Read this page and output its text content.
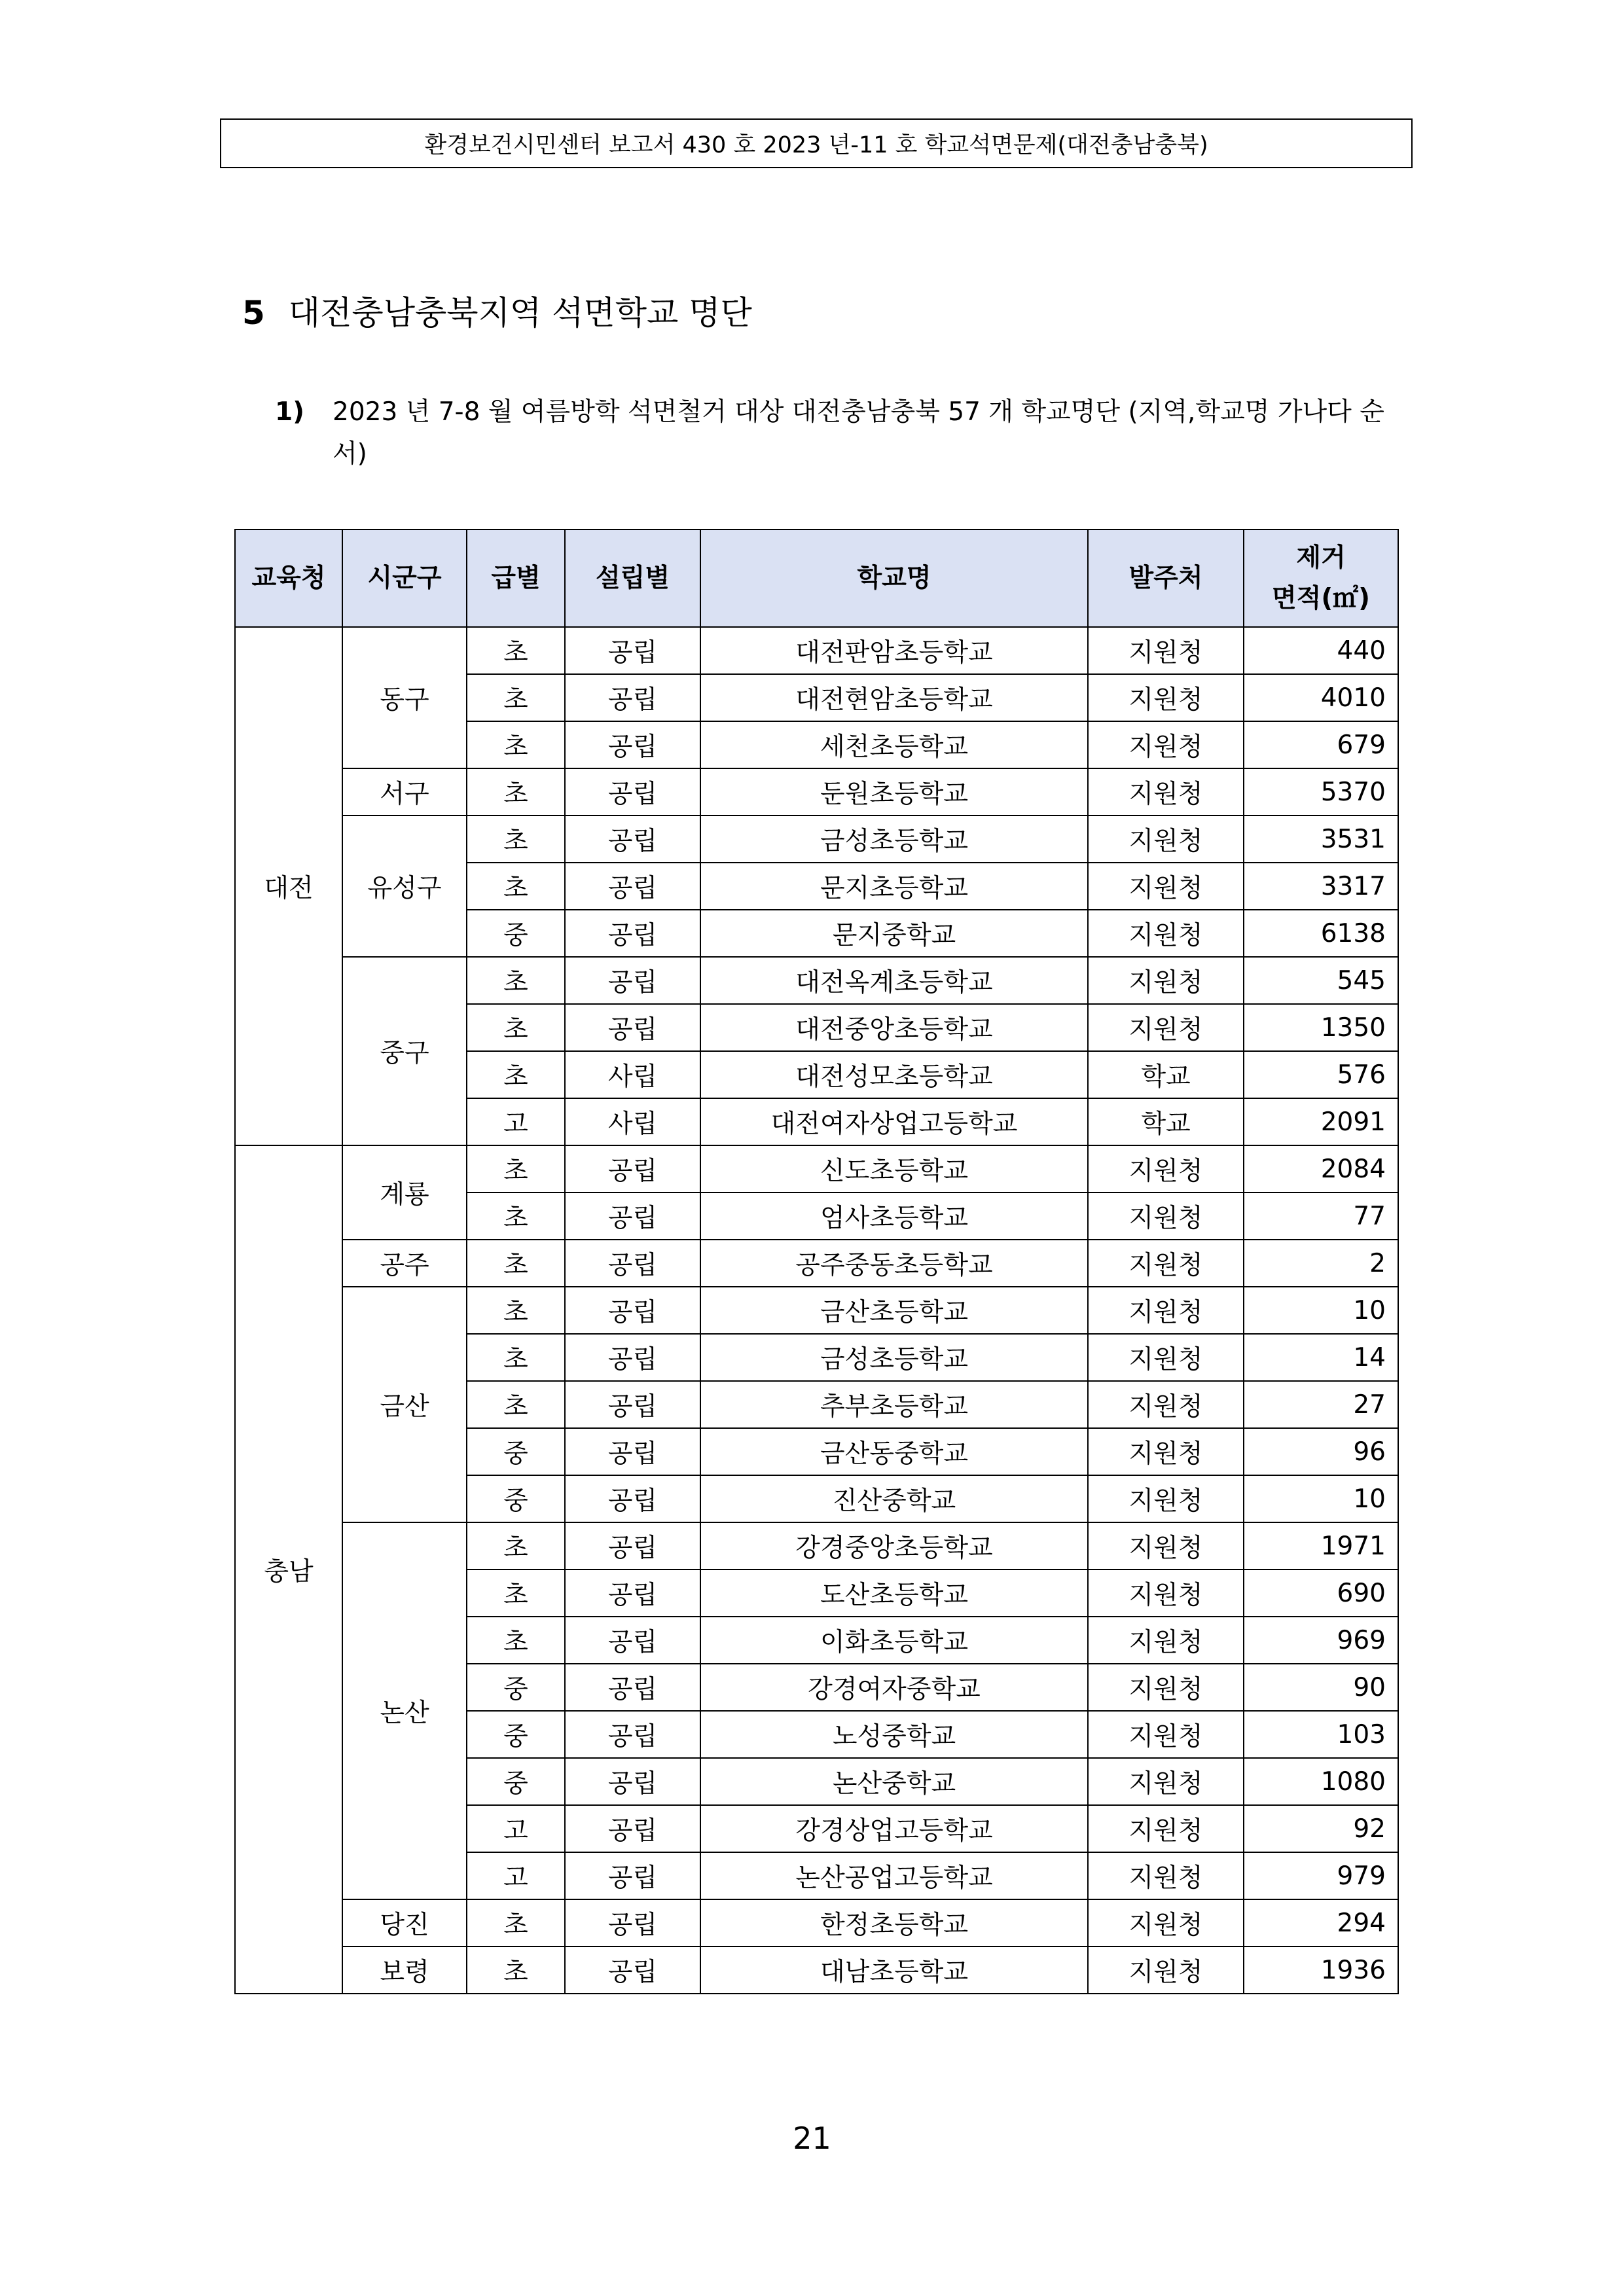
환경보건시민센터 보고서 430 호 2023 년-11 호 학교석면문제(대전충남충북)
5 대전충남충북지역 석면학교 명단
1) 2023 년 7-8 월 여름방학 석면철거 대상 대전충남충북 57 개 학교명단 (지역,학교명 가나다 순서)
교육청	시군구	급별	설립별	학교명	발주처	제거
면적(㎡)

대전	동구	초	공립	대전판암초등학교	지원청	440
		초	공립	대전현암초등학교	지원청	4010
		초	공립	세천초등학교	지원청	679
	서구	초	공립	둔원초등학교	지원청	5370
	유성구	초	공립	금성초등학교	지원청	3531
		초	공립	문지초등학교	지원청	3317
		중	공립	문지중학교	지원청	6138
	중구	초	공립	대전옥계초등학교	지원청	545
		초	공립	대전중앙초등학교	지원청	1350
		초	사립	대전성모초등학교	학교	576
		고	사립	대전여자상업고등학교	학교	2091
충남	계룡	초	공립	신도초등학교	지원청	2084
		초	공립	엄사초등학교	지원청	77
	공주	초	공립	공주중동초등학교	지원청	2
	금산	초	공립	금산초등학교	지원청	10
		초	공립	금성초등학교	지원청	14
		초	공립	추부초등학교	지원청	27
		중	공립	금산동중학교	지원청	96
		중	공립	진산중학교	지원청	10
	논산	초	공립	강경중앙초등학교	지원청	1971
		초	공립	도산초등학교	지원청	690
		초	공립	이화초등학교	지원청	969
		중	공립	강경여자중학교	지원청	90
		중	공립	노성중학교	지원청	103
		중	공립	논산중학교	지원청	1080
		고	공립	강경상업고등학교	지원청	92
		고	공립	논산공업고등학교	지원청	979
	당진	초	공립	한정초등학교	지원청	294
	보령	초	공립	대남초등학교	지원청	1936
21
